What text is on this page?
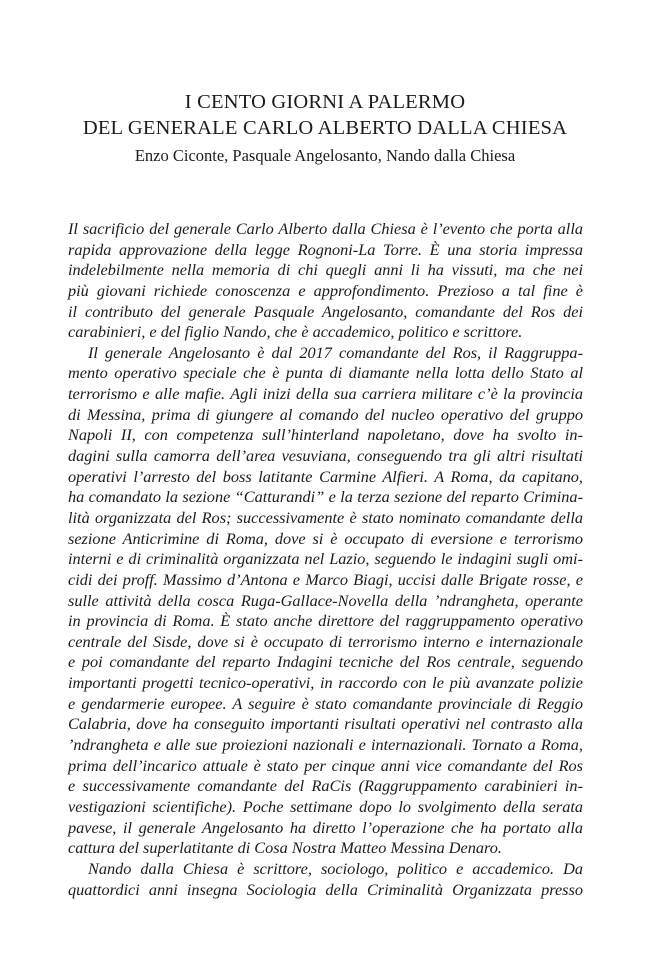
I CENTO GIORNI A PALERMO
DEL GENERALE CARLO ALBERTO DALLA CHIESA
Enzo Ciconte, Pasquale Angelosanto, Nando dalla Chiesa
Il sacrificio del generale Carlo Alberto dalla Chiesa è l’evento che porta alla
rapida approvazione della legge Rognoni-La Torre. È una storia impressa
indelebilmente nella memoria di chi quegli anni li ha vissuti, ma che nei
più giovani richiede conoscenza e approfondimento. Prezioso a tal fine è
il contributo del generale Pasquale Angelosanto, comandante del Ros dei
carabinieri, e del figlio Nando, che è accademico, politico e scrittore.
Il generale Angelosanto è dal 2017 comandante del Ros, il Raggruppa-
mento operativo speciale che è punta di diamante nella lotta dello Stato al
terrorismo e alle mafie. Agli inizi della sua carriera militare c’è la provincia
di Messina, prima di giungere al comando del nucleo operativo del gruppo
Napoli II, con competenza sull’hinterland napoletano, dove ha svolto in-
dagini sulla camorra dell’area vesuviana, conseguendo tra gli altri risultati
operativi l’arresto del boss latitante Carmine Alfieri. A Roma, da capitano,
ha comandato la sezione “Catturandi” e la terza sezione del reparto Crimina-
lità organizzata del Ros; successivamente è stato nominato comandante della
sezione Anticrimine di Roma, dove si è occupato di eversione e terrorismo
interni e di criminalità organizzata nel Lazio, seguendo le indagini sugli omi-
cidi dei proff. Massimo d’Antona e Marco Biagi, uccisi dalle Brigate rosse, e
sulle attività della cosca Ruga-Gallace-Novella della ’ndrangheta, operante
in provincia di Roma. È stato anche direttore del raggruppamento operativo
centrale del Sisde, dove si è occupato di terrorismo interno e internazionale
e poi comandante del reparto Indagini tecniche del Ros centrale, seguendo
importanti progetti tecnico-operativi, in raccordo con le più avanzate polizie
e gendarmerie europee. A seguire è stato comandante provinciale di Reggio
Calabria, dove ha conseguito importanti risultati operativi nel contrasto alla
’ndrangheta e alle sue proiezioni nazionali e internazionali. Tornato a Roma,
prima dell’incarico attuale è stato per cinque anni vice comandante del Ros
e successivamente comandante del RaCis (Raggruppamento carabinieri in-
vestigazioni scientifiche). Poche settimane dopo lo svolgimento della serata
pavese, il generale Angelosanto ha diretto l’operazione che ha portato alla
cattura del superlatitante di Cosa Nostra Matteo Messina Denaro.
Nando dalla Chiesa è scrittore, sociologo, politico e accademico. Da
quattordici anni insegna Sociologia della Criminalità Organizzata presso
